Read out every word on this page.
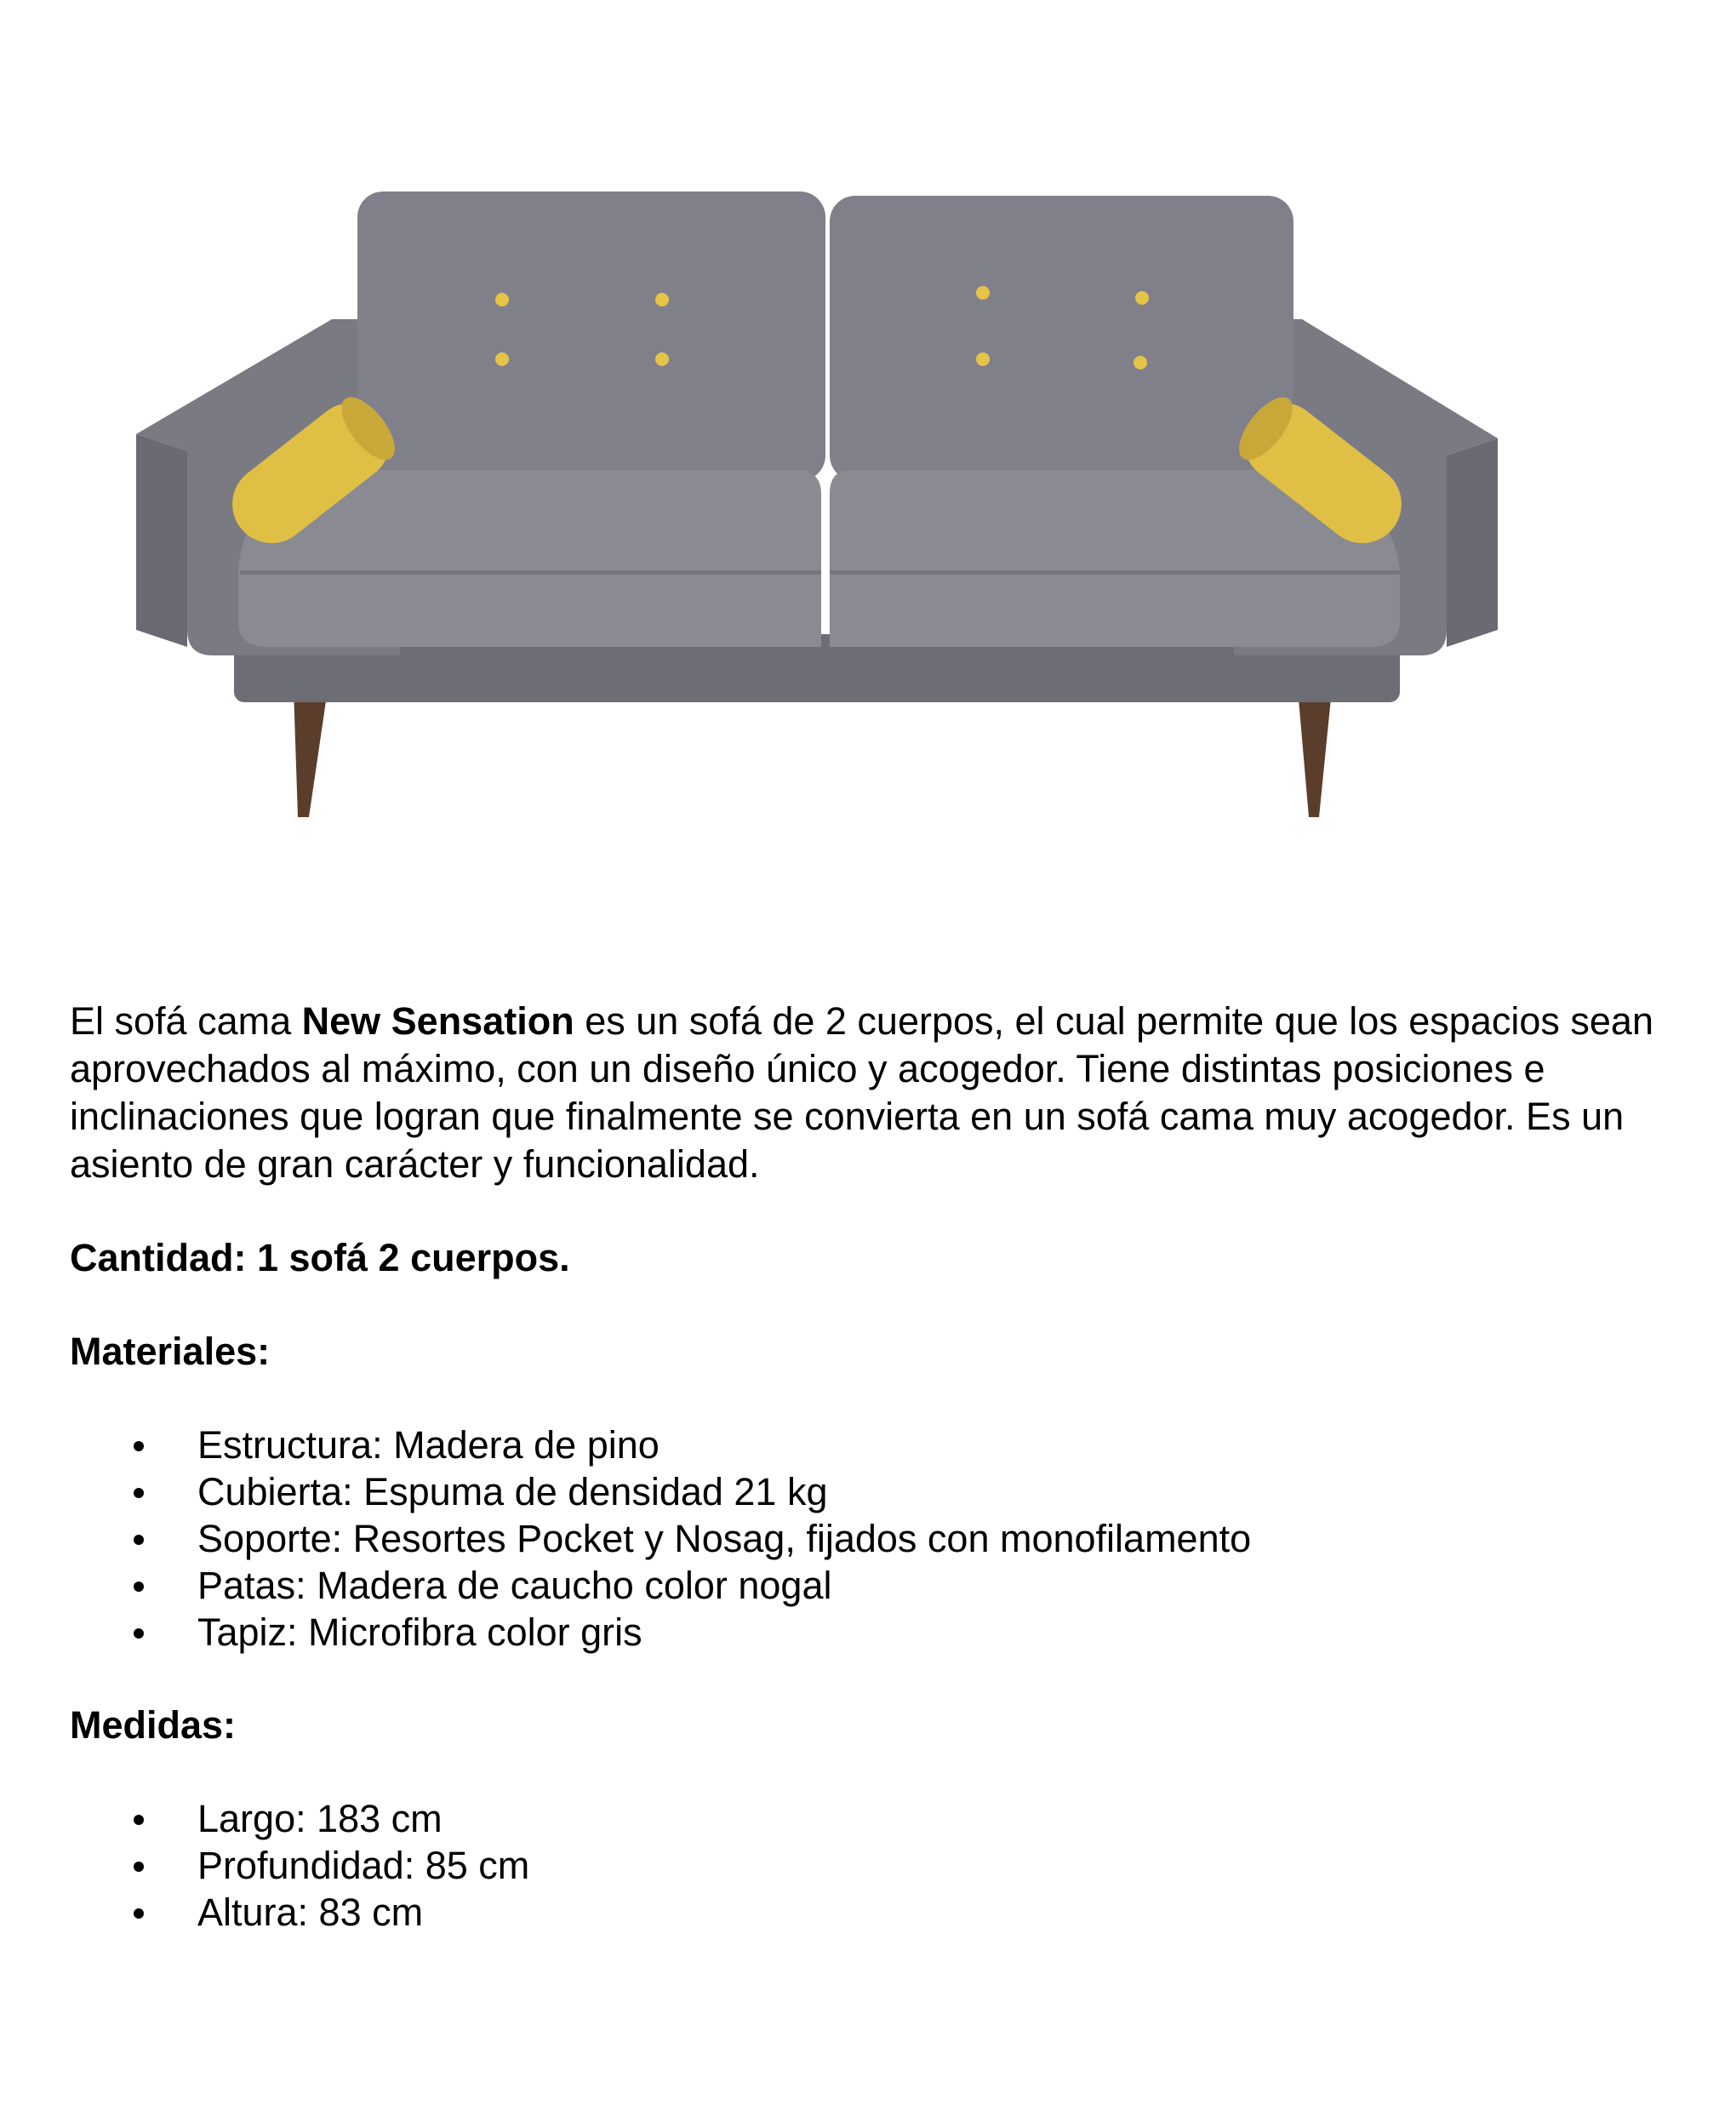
El sofá cama New Sensation es un sofá de 2 cuerpos, el cual permite que los espacios sean aprovechados al máximo, con un diseño único y acogedor. Tiene distintas posiciones e inclinaciones que logran que finalmente se convierta en un sofá cama muy acogedor. Es un asiento de gran carácter y funcionalidad.

Cantidad: 1 sofá 2 cuerpos.

Materiales:

Estructura: Madera de pino
Cubierta: Espuma de densidad 21 kg
Soporte: Resortes Pocket y Nosag, fijados con monofilamento
Patas: Madera de caucho color nogal
Tapiz: Microfibra color gris

Medidas:

Largo: 183 cm
Profundidad: 85 cm
Altura: 83 cm
